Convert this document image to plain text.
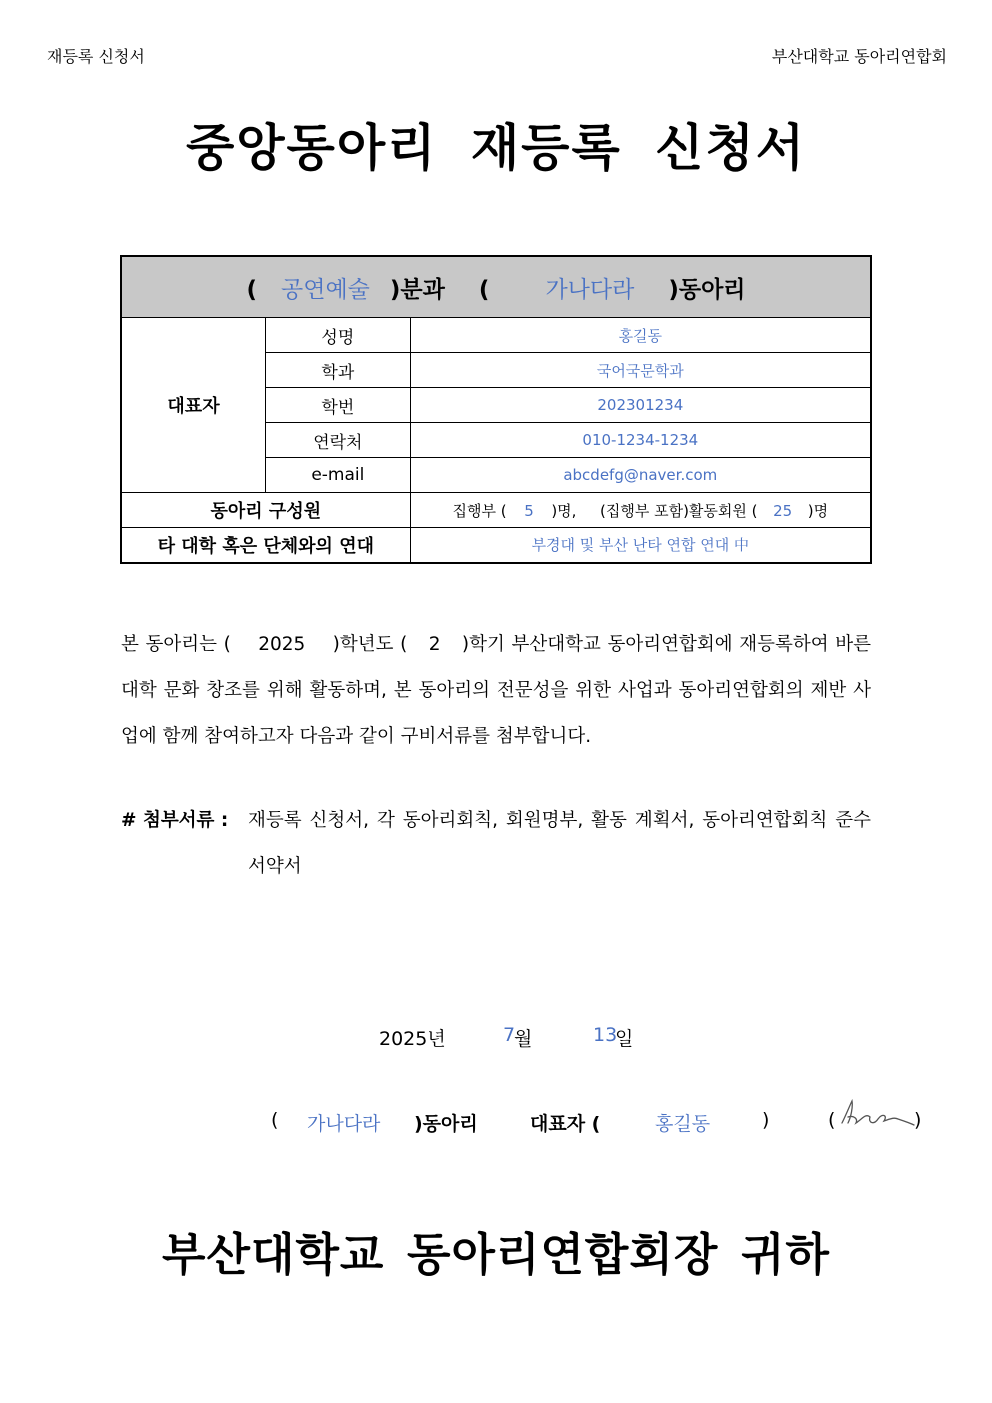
재등록 신청서	부산대학교 동아리연합회
중앙동아리 재등록 신청서
( 공연예술 )분과 ( 가나다라 )동아리		
대표자	성명	홍길동
	학과	국어국문학과
	학번	202301234
	연락처	010-1234-1234
	e-mail	abcdefg@naver.com
동아리 구성원		집행부 ( 5 )명, (집행부 포함)활동회원 ( 25 )명
타 대학 혹은 단체와의 연대		부경대 및 부산 난타 연합 연대 中
본 동아리는 ( 2025 )학년도 ( 2 )학기 부산대학교 동아리연합회에 재등록하여 바른 대학 문화 창조를 위해 활동하며, 본 동아리의 전문성을 위한 사업과 동아리연합회의 제반 사업에 함께 참여하고자 다음과 같이 구비서류를 첨부합니다.
# 첨부서류 : 재등록 신청서, 각 동아리회칙, 회원명부, 활동 계획서, 동아리연합회칙 준수 서약서
2025년	7
월	13
일
( 가나다라 )동아리	대표자 (	홍길동	)	(	)
부산대학교 동아리연합회장 귀하
